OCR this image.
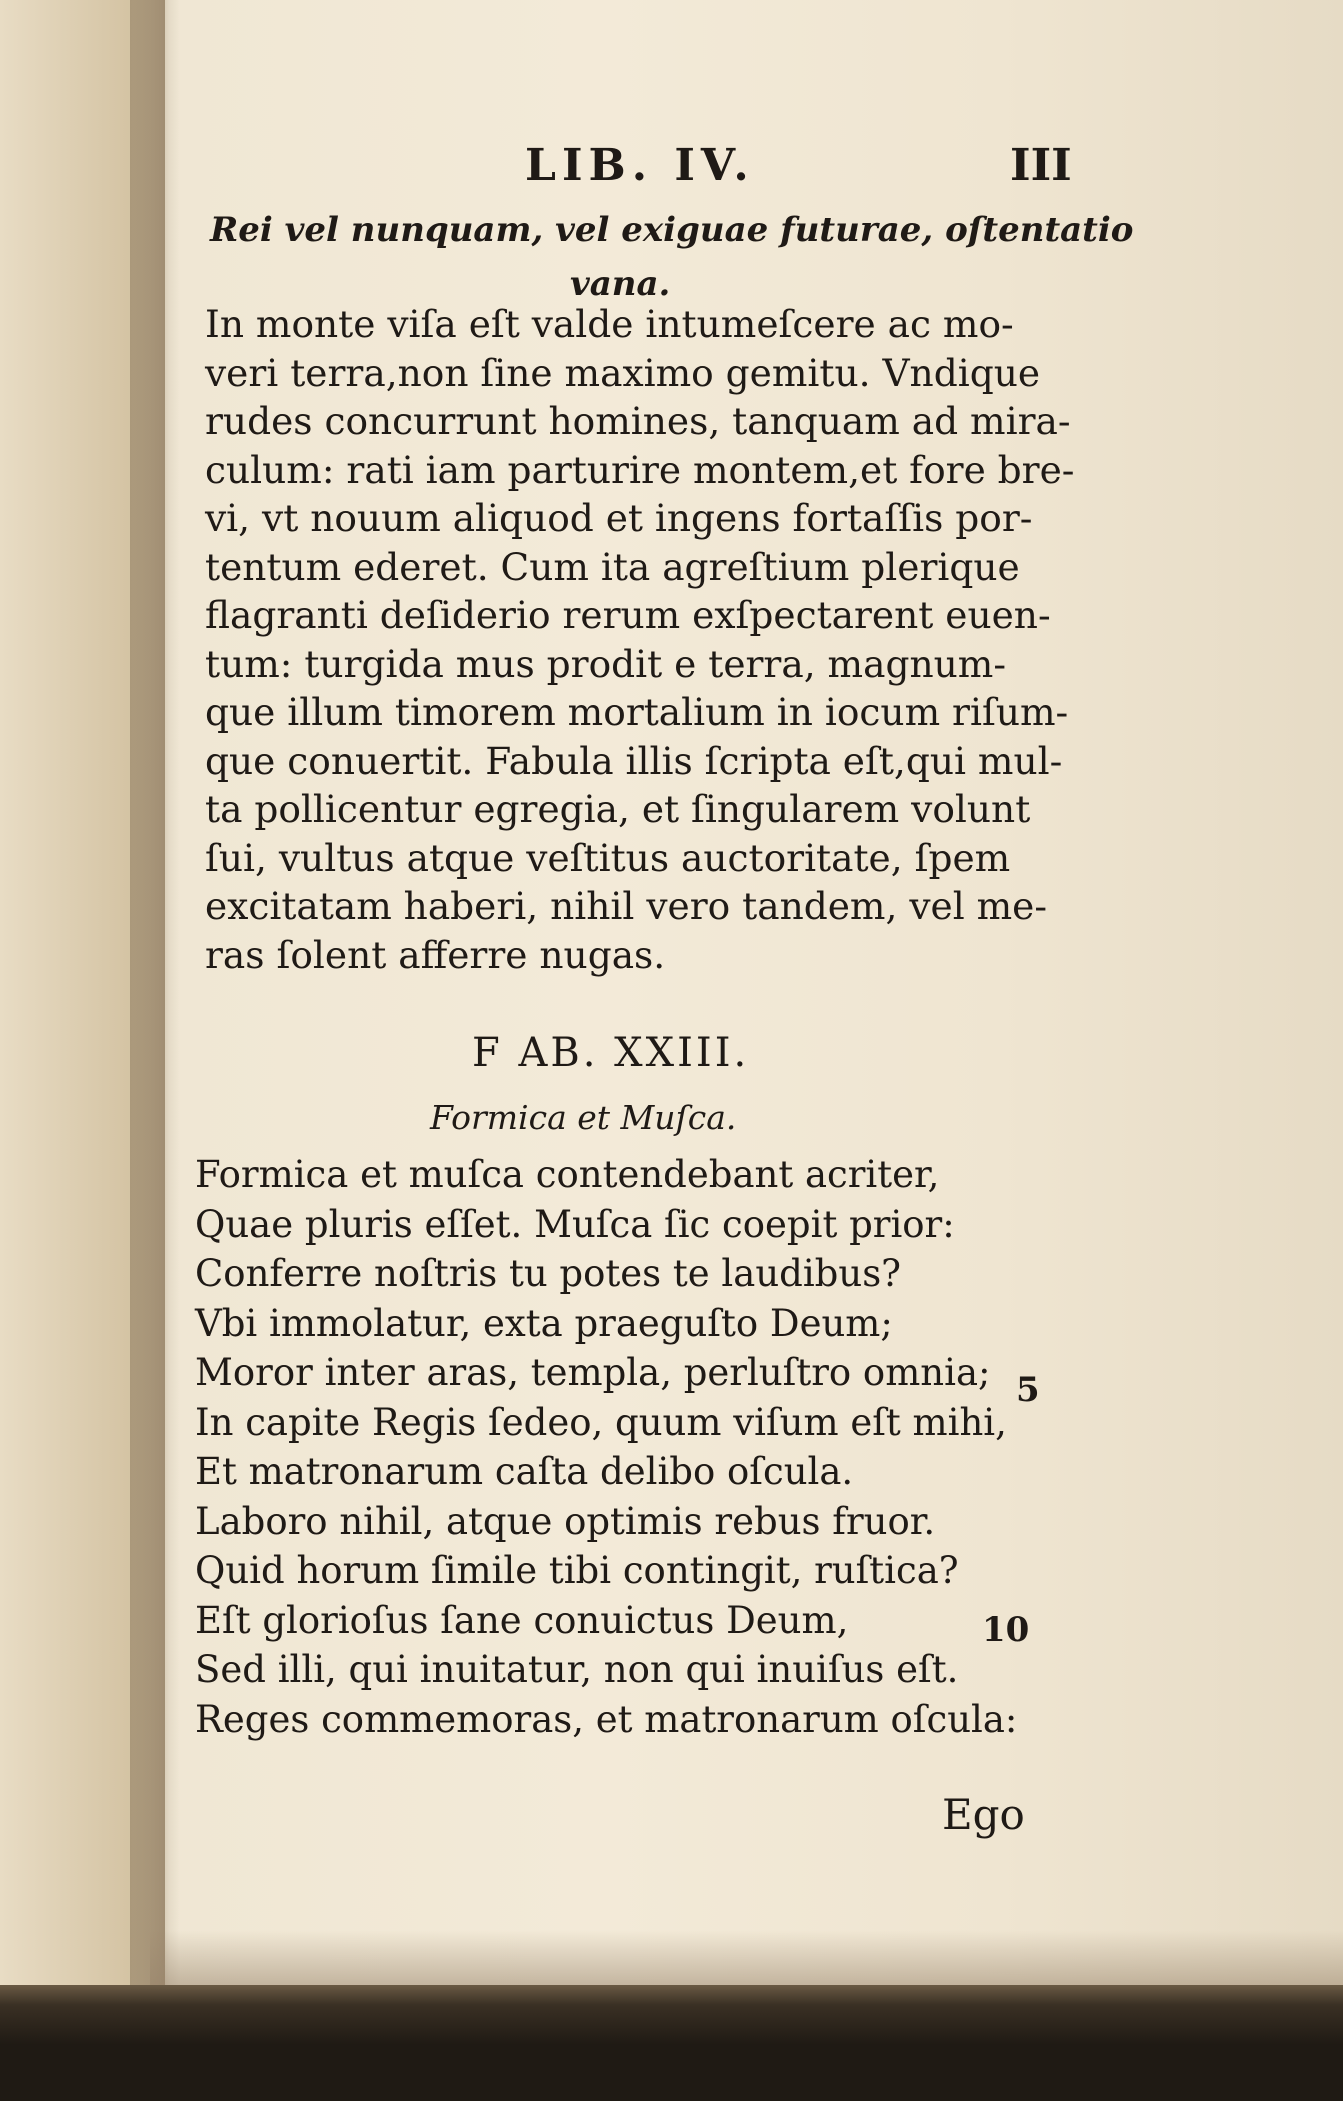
LIB. IV.	III
Rei vel nunquam, vel exiguae futurae, oſtentatio
vana.
In monte viſa eſt valde intumeſcere ac mo-
veri terra,non ſine maximo gemitu. Vndique
rudes concurrunt homines, tanquam ad mira-
culum: rati iam parturire montem,et fore bre-
vi, vt nouum aliquod et ingens fortaſſis por-
tentum ederet. Cum ita agreſtium plerique
flagranti deſiderio rerum exſpectarent euen-
tum: turgida mus prodit e terra, magnum-
que illum timorem mortalium in iocum riſum-
que conuertit. Fabula illis ſcripta eſt,qui mul-
ta pollicentur egregia, et ſingularem volunt
ſui, vultus atque veſtitus auctoritate, ſpem
excitatam haberi, nihil vero tandem, vel me-
ras ſolent afferre nugas.
F AB. XXIII.
Formica et Muſca.
Formica et muſca contendebant acriter,
Quae pluris eſſet. Muſca ſic coepit prior:
Conferre noſtris tu potes te laudibus?
Vbi immolatur, exta praeguſto Deum;
Moror inter aras, templa, perluſtro omnia;
In capite Regis ſedeo, quum viſum eſt mihi,
Et matronarum caſta delibo oſcula.
Laboro nihil, atque optimis rebus fruor.
Quid horum ſimile tibi contingit, ruſtica?
Eſt glorioſus ſane conuictus Deum,
Sed illi, qui inuitatur, non qui inuiſus eſt.
Reges commemoras, et matronarum oſcula:
5
10
Ego
